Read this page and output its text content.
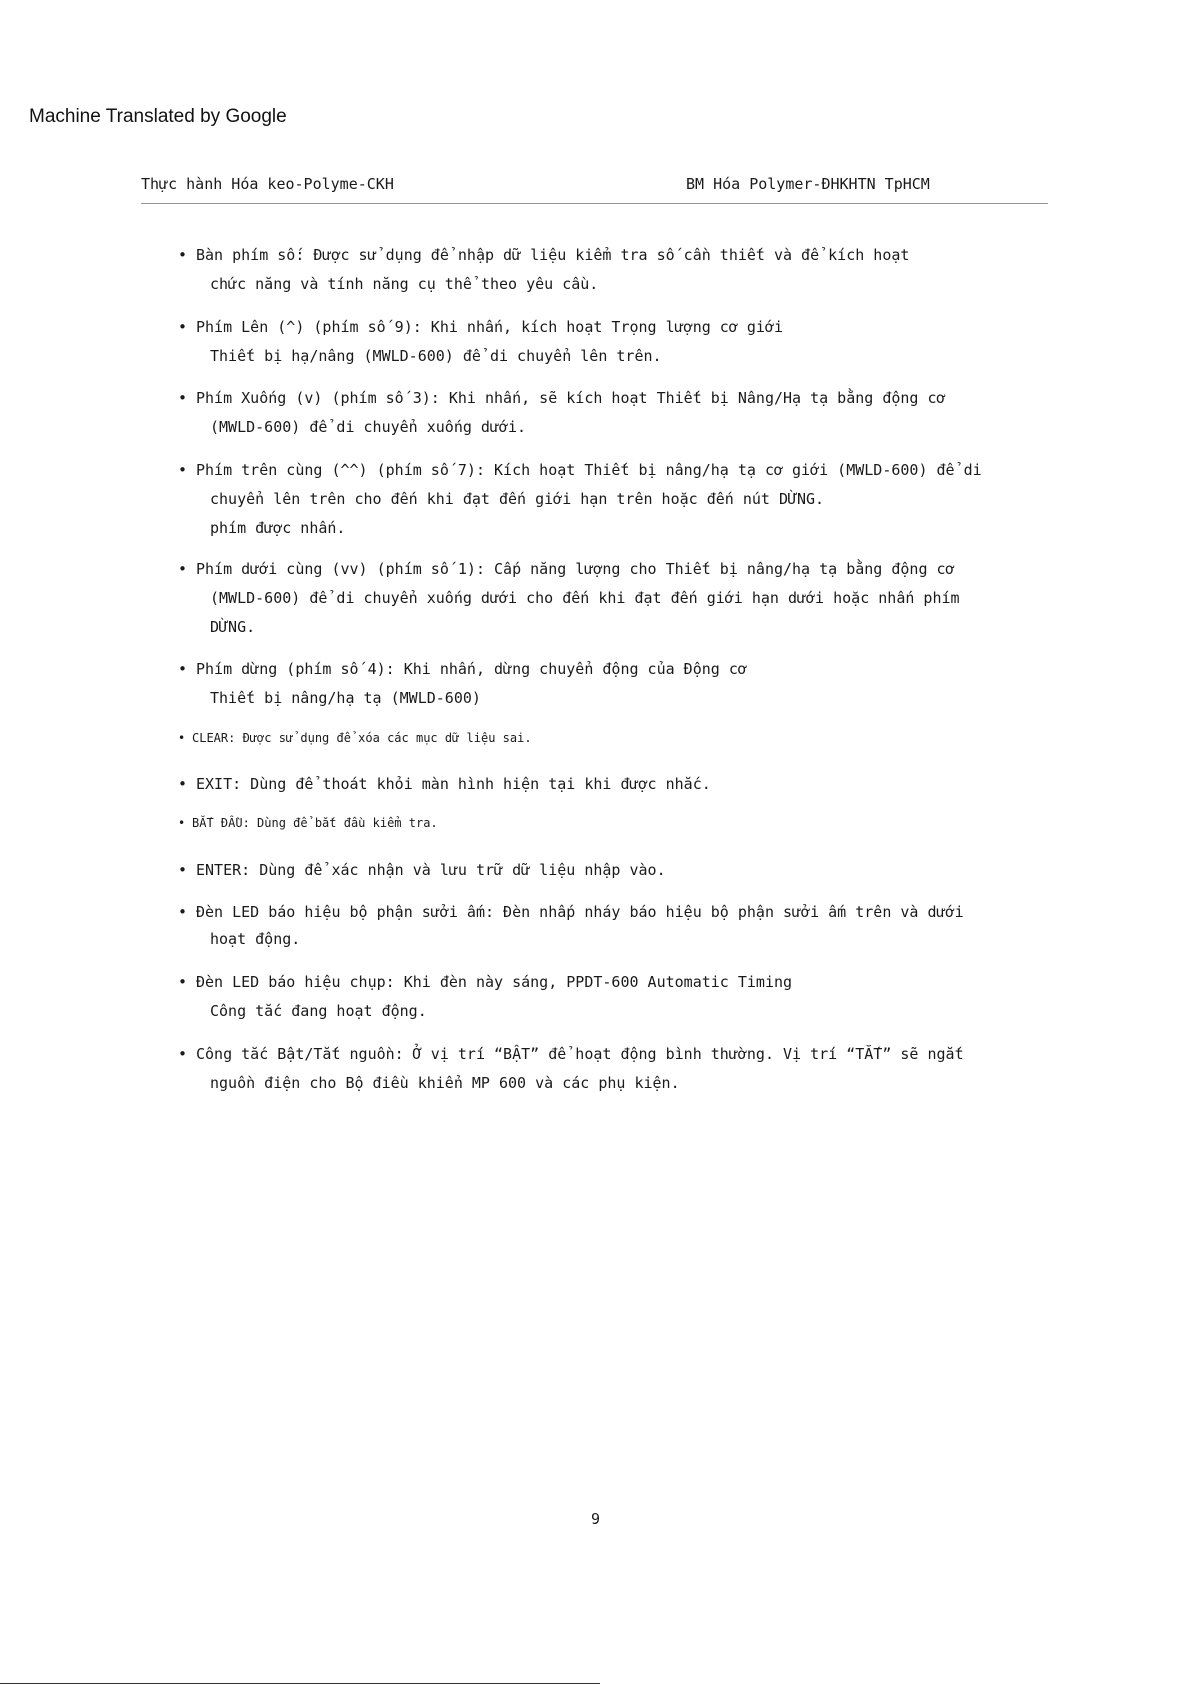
Machine Translated by Google
Thực hành Hóa keo-Polyme-CKH	BM Hóa Polymer-ĐHKHTN TpHCM
• Bàn phím số: Được sử dụng để nhập dữ liệu kiểm tra số cần thiết và để kích hoạt
chức năng và tính năng cụ thể theo yêu cầu.
• Phím Lên (^) (phím số 9): Khi nhấn, kích hoạt Trọng lượng cơ giới
Thiết bị hạ/nâng (MWLD-600) để di chuyển lên trên.
• Phím Xuống (v) (phím số 3): Khi nhấn, sẽ kích hoạt Thiết bị Nâng/Hạ tạ bằng động cơ
(MWLD-600) để di chuyển xuống dưới.
• Phím trên cùng (^^) (phím số 7): Kích hoạt Thiết bị nâng/hạ tạ cơ giới (MWLD-600) để di
chuyển lên trên cho đến khi đạt đến giới hạn trên hoặc đến nút DỪNG.
phím được nhấn.
• Phím dưới cùng (vv) (phím số 1): Cấp năng lượng cho Thiết bị nâng/hạ tạ bằng động cơ
(MWLD-600) để di chuyển xuống dưới cho đến khi đạt đến giới hạn dưới hoặc nhấn phím
DỪNG.
• Phím dừng (phím số 4): Khi nhấn, dừng chuyển động của Động cơ
Thiết bị nâng/hạ tạ (MWLD-600)
• CLEAR: Được sử dụng để xóa các mục dữ liệu sai.
• EXIT: Dùng để thoát khỏi màn hình hiện tại khi được nhắc.
• BẮT ĐẦU: Dùng để bắt đầu kiểm tra.
• ENTER: Dùng để xác nhận và lưu trữ dữ liệu nhập vào.
• Đèn LED báo hiệu bộ phận sưởi ấm: Đèn nhấp nháy báo hiệu bộ phận sưởi ấm trên và dưới
hoạt động.
• Đèn LED báo hiệu chụp: Khi đèn này sáng, PPDT-600 Automatic Timing
Công tắc đang hoạt động.
• Công tắc Bật/Tắt nguồn: Ở vị trí “BẬT” để hoạt động bình thường. Vị trí “TẮT” sẽ ngắt
nguồn điện cho Bộ điều khiển MP 600 và các phụ kiện.
9
